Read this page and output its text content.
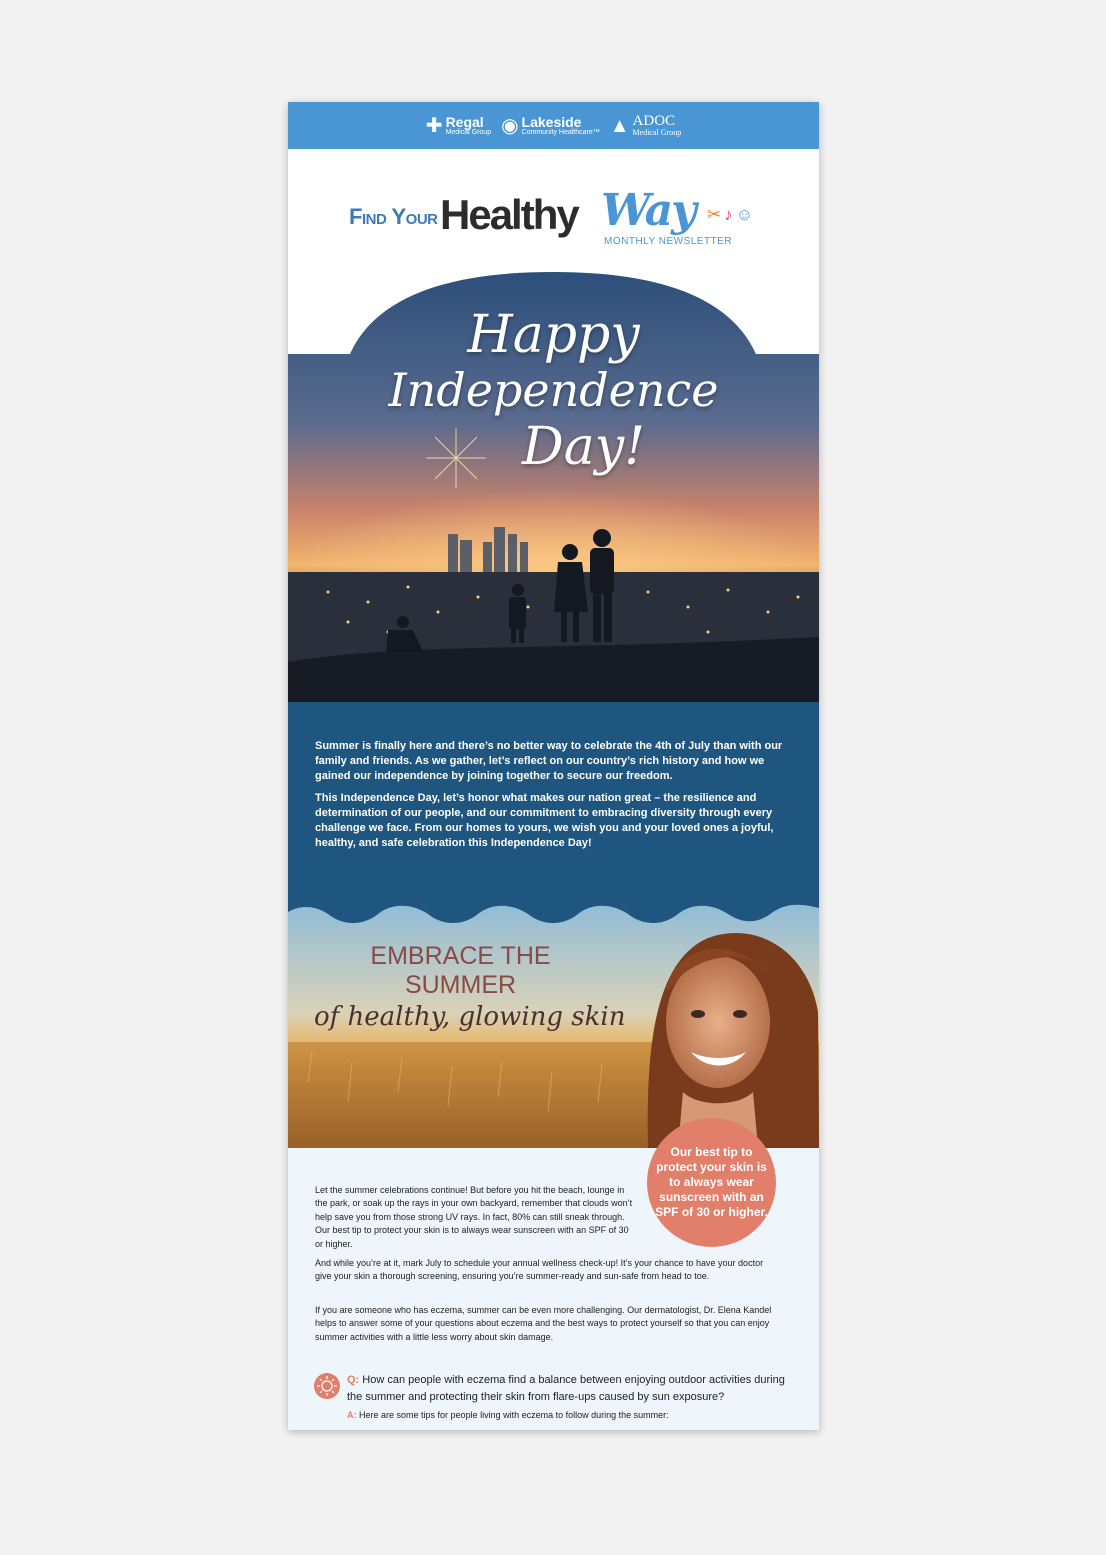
✚ Regal
Medical Group ◉ Lakeside
Community Healthcare™ ▲ ADOC
Medical Group
Find Your Healthy Way
MONTHLY NEWSLETTER
✂ ♪ ☺
Happy
Independence
Day!

Summer is finally here and there’s no better way to celebrate the 4th of July than with our family and friends. As we gather, let’s reflect on our country’s rich history and how we gained our independence by joining together to secure our freedom.

This Independence Day, let’s honor what makes our nation great – the resilience and determination of our people, and our commitment to embracing diversity through every challenge we face. From our homes to yours, we wish you and your loved ones a joyful, healthy, and safe celebration this Independence Day!

EMBRACE THE
SUMMER
of healthy, glowing skin
Our best tip to protect your skin is to always wear sunscreen with an SPF of 30 or higher.

Let the summer celebrations continue! But before you hit the beach, lounge in the park, or soak up the rays in your own backyard, remember that clouds won’t help save you from those strong UV rays. In fact, 80% can still sneak through. Our best tip to protect your skin is to always wear sunscreen with an SPF of 30 or higher.

And while you’re at it, mark July to schedule your annual wellness check-up! It’s your chance to have your doctor give your skin a thorough screening, ensuring you’re summer-ready and sun-safe from head to toe.

If you are someone who has eczema, summer can be even more challenging. Our dermatologist, Dr. Elena Kandel helps to answer some of your questions about eczema and the best ways to protect yourself so that you can enjoy summer activities with a little less worry about skin damage.

Q: How can people with eczema find a balance between enjoying outdoor activities during the summer and protecting their skin from flare-ups caused by sun exposure?
A: Here are some tips for people living with eczema to follow during the summer:
